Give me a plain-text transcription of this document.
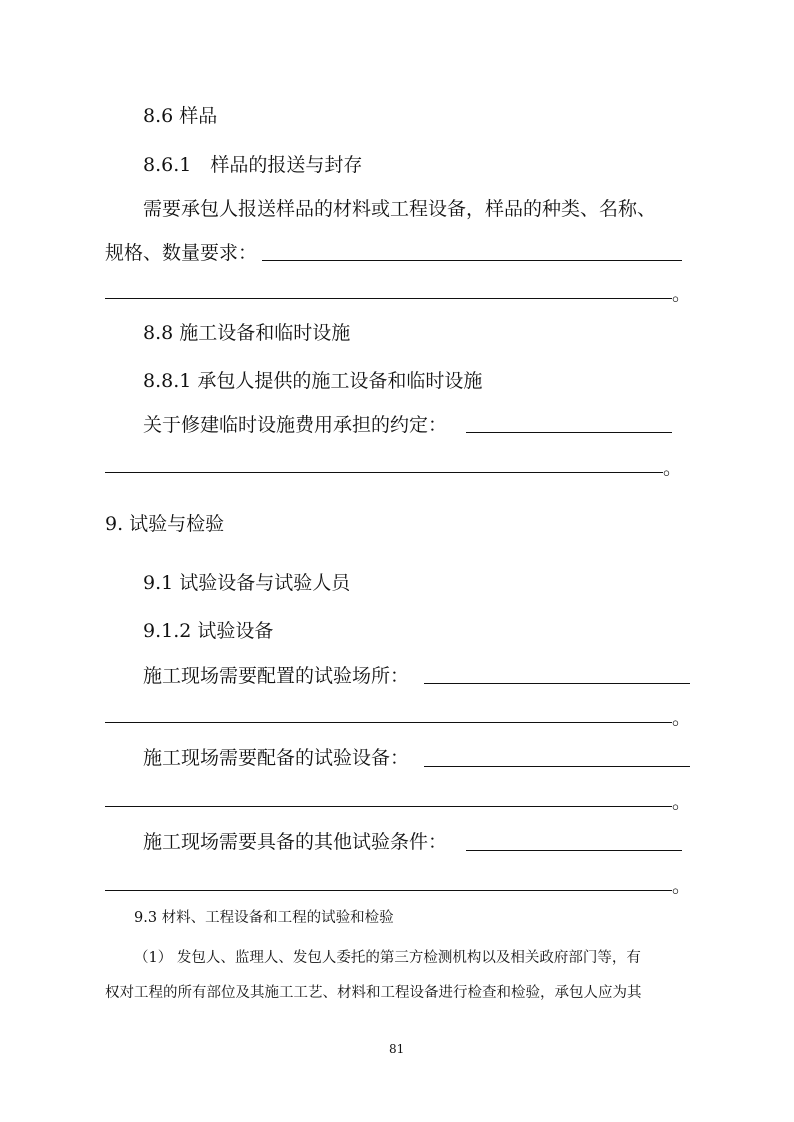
8.6 样品
8.6.1　样品的报送与封存
需要承包人报送样品的材料或工程设备，样品的种类、名称、
规格、数量要求：
。
8.8 施工设备和临时设施
8.8.1 承包人提供的施工设备和临时设施
关于修建临时设施费用承担的约定：
。
9. 试验与检验
9.1 试验设备与试验人员
9.1.2 试验设备
施工现场需要配置的试验场所：
。
施工现场需要配备的试验设备：
。
施工现场需要具备的其他试验条件：
。
9.3 材料、工程设备和工程的试验和检验
（1） 发包人、监理人、发包人委托的第三方检测机构以及相关政府部门等，有
权对工程的所有部位及其施工工艺、材料和工程设备进行检查和检验，承包人应为其
81
